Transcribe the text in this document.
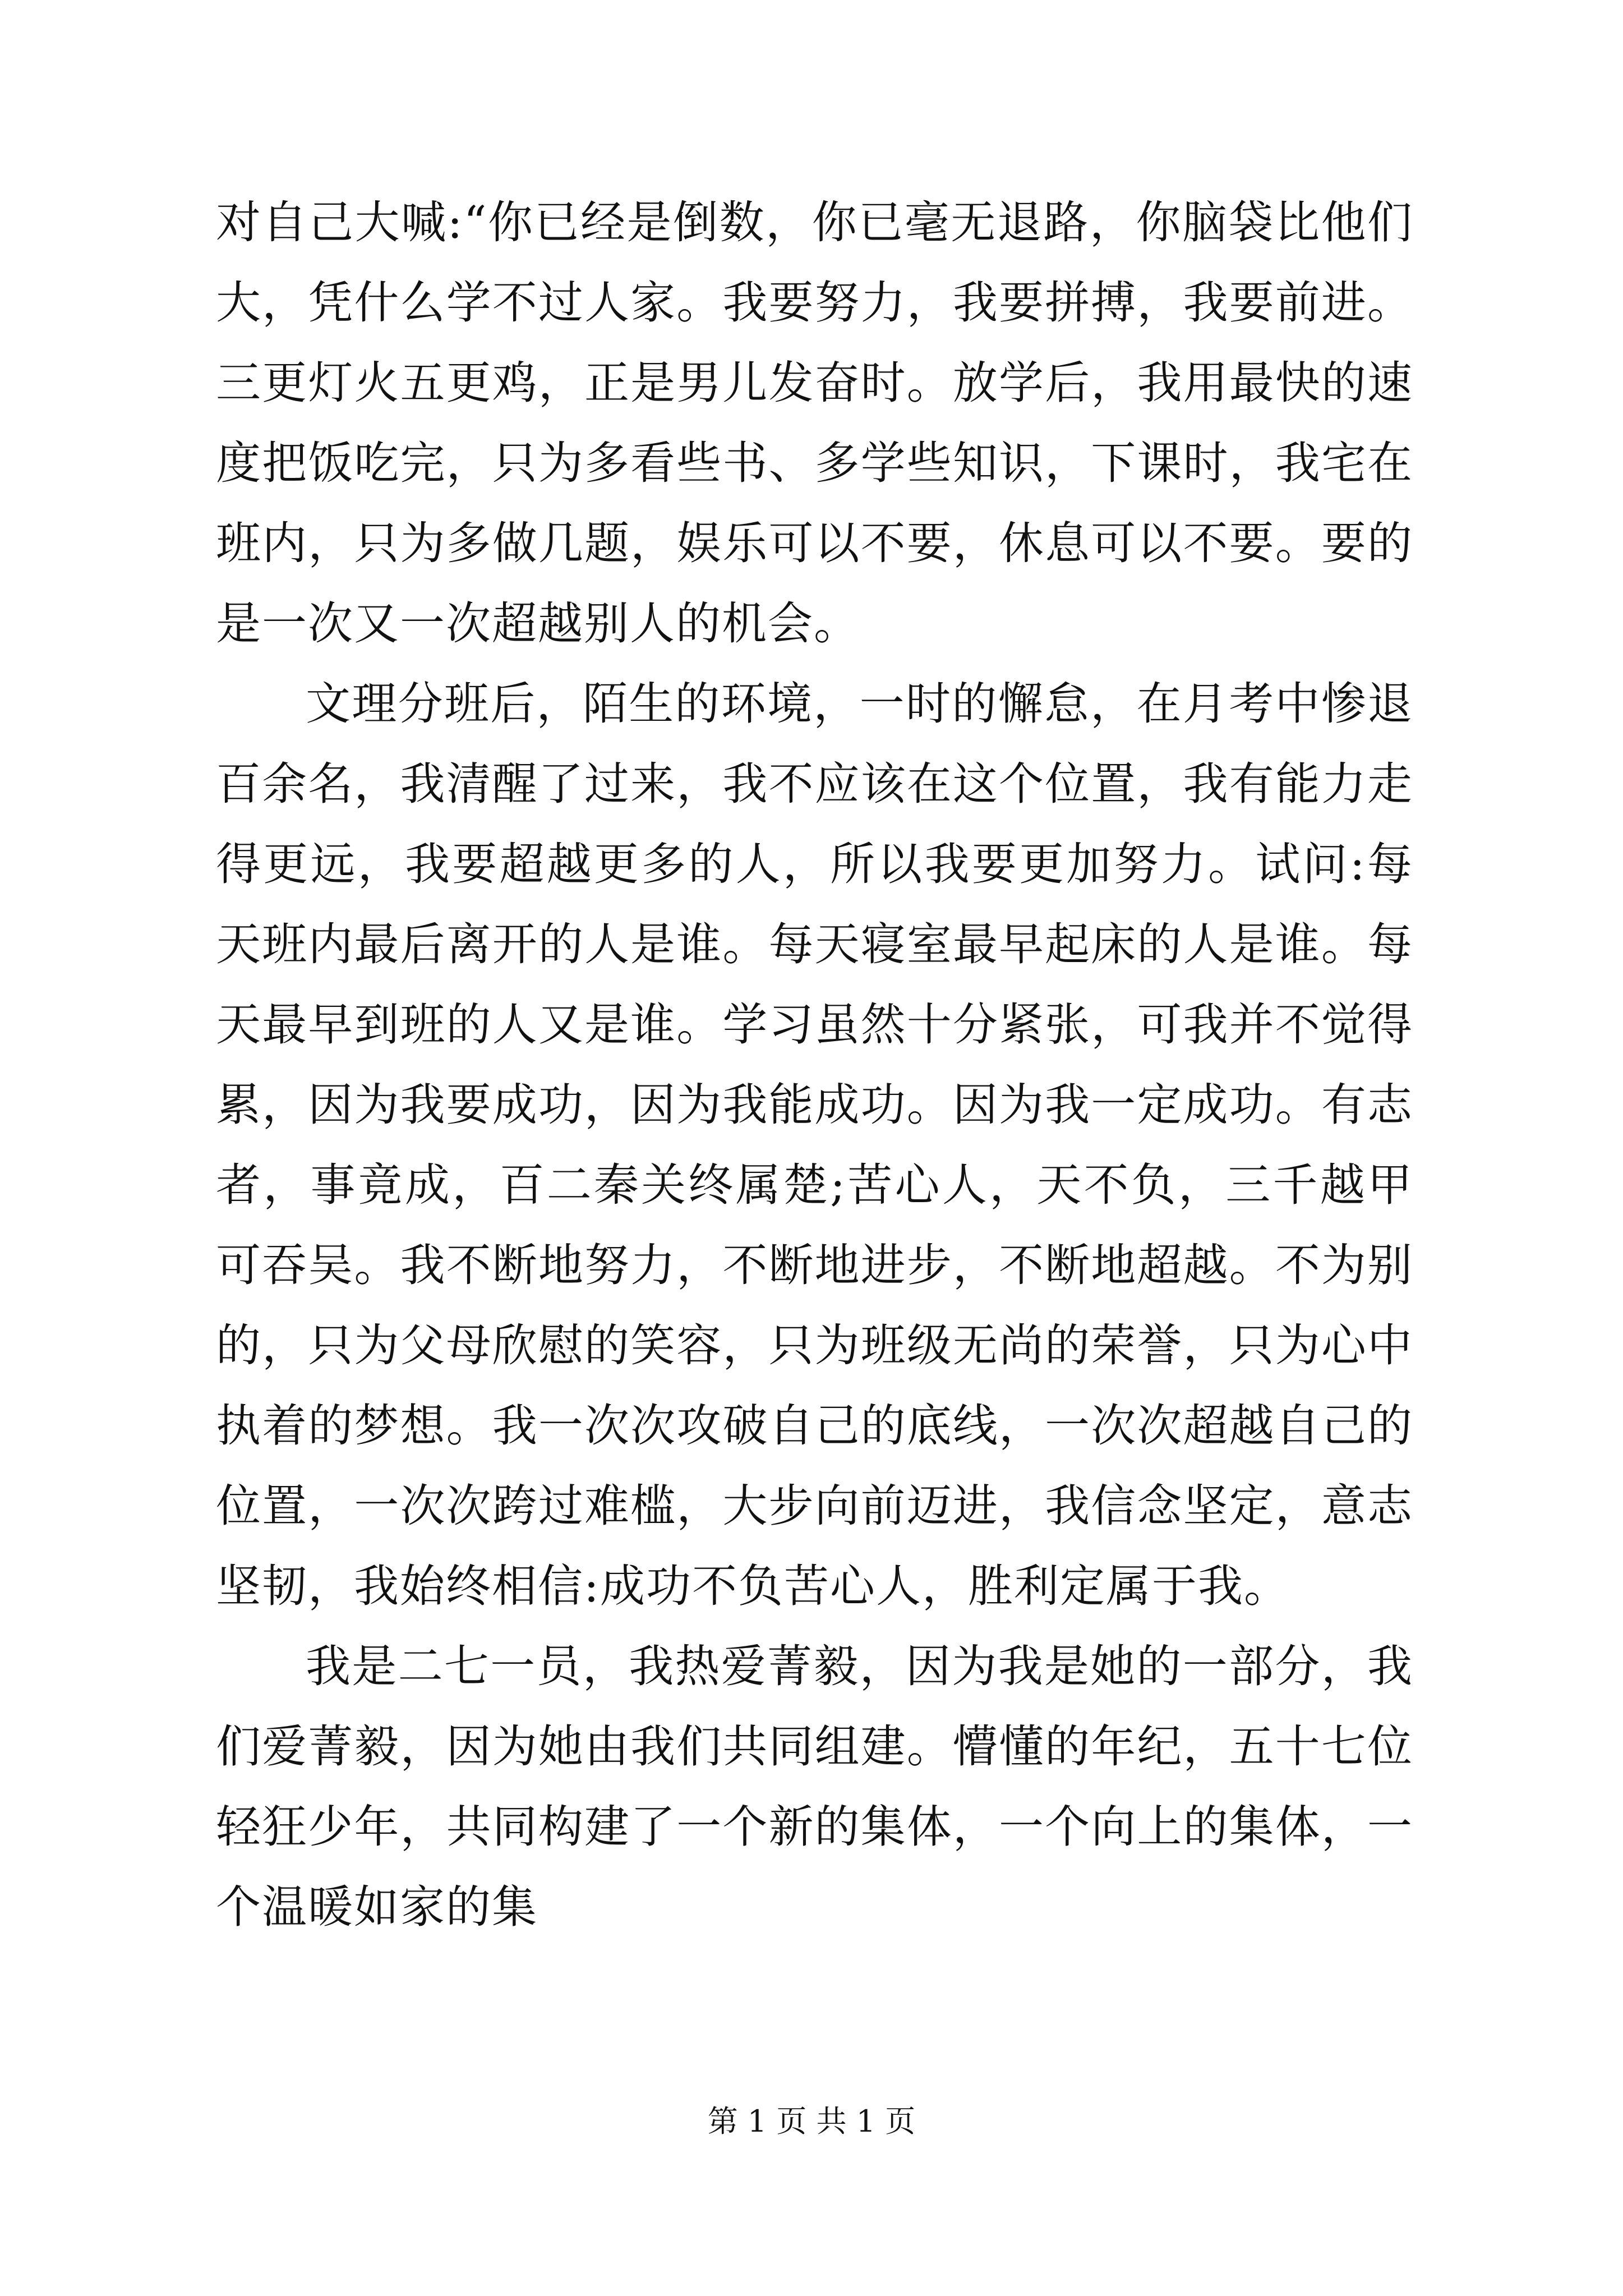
对自己大喊:“你已经是倒数，你已毫无退路，你脑袋比他们大，凭什么学不过人家。我要努力，我要拼搏，我要前进。三更灯火五更鸡，正是男儿发奋时。放学后，我用最快的速度把饭吃完，只为多看些书、多学些知识，下课时，我宅在班内，只为多做几题，娱乐可以不要，休息可以不要。要的是一次又一次超越别人的机会。

文理分班后，陌生的环境，一时的懈怠，在月考中惨退百余名，我清醒了过来，我不应该在这个位置，我有能力走得更远，我要超越更多的人，所以我要更加努力。试问:每天班内最后离开的人是谁。每天寝室最早起床的人是谁。每天最早到班的人又是谁。学习虽然十分紧张，可我并不觉得累，因为我要成功，因为我能成功。因为我一定成功。有志者，事竟成，百二秦关终属楚;苦心人，天不负，三千越甲可吞吴。我不断地努力，不断地进步，不断地超越。不为别的，只为父母欣慰的笑容，只为班级无尚的荣誉，只为心中执着的梦想。我一次次攻破自己的底线，一次次超越自己的位置，一次次跨过难槛，大步向前迈进，我信念坚定，意志坚韧，我始终相信:成功不负苦心人，胜利定属于我。

我是二七一员，我热爱菁毅，因为我是她的一部分，我们爱菁毅，因为她由我们共同组建。懵懂的年纪，五十七位轻狂少年，共同构建了一个新的集体，一个向上的集体，一个温暖如家的集

第 1 页 共 1 页
